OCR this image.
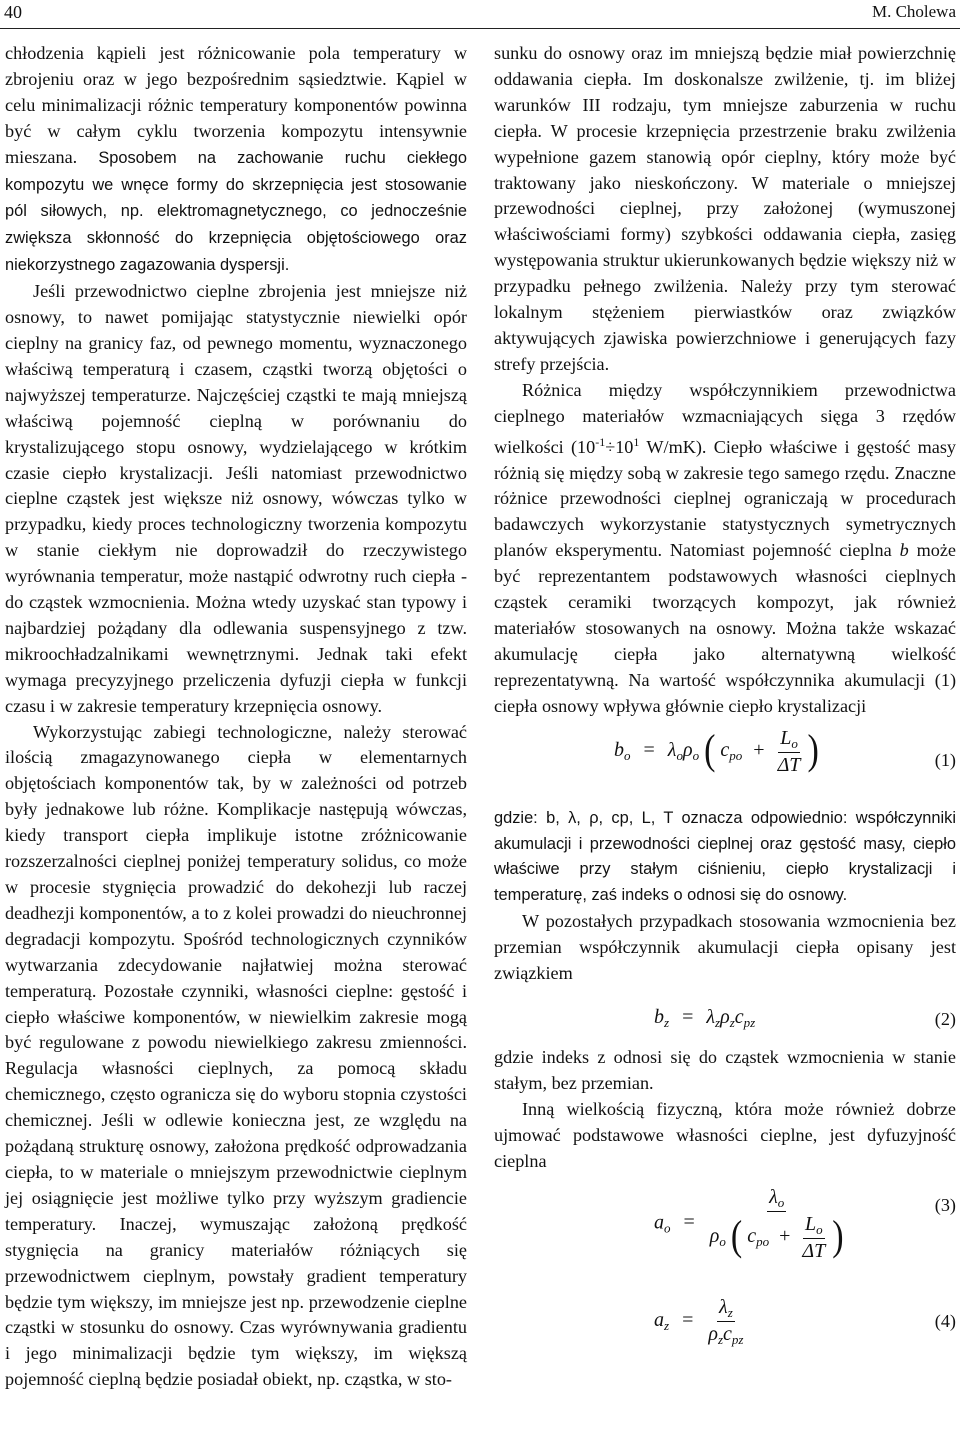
40	M. Cholewa

chłodzenia kąpieli jest różnicowanie pola temperatury w zbrojeniu oraz w jego bezpośrednim sąsiedztwie. Kąpiel w celu minimalizacji różnic temperatury komponentów powinna być w całym cyklu tworzenia kompozytu intensywnie mieszana. Sposobem na zachowanie ruchu ciekłego kompozytu we wnęce formy do skrzepnięcia jest stosowanie pól siłowych, np. elektromagnetycznego, co jednocześnie zwiększa skłonność do krzepnięcia objętościowego oraz niekorzystnego zagazowania dyspersji.

Jeśli przewodnictwo cieplne zbrojenia jest mniejsze niż osnowy, to nawet pomijając statystycznie niewielki opór cieplny na granicy faz, od pewnego momentu, wyznaczonego właściwą temperaturą i czasem, cząstki tworzą objętości o najwyższej temperaturze. Najczęściej cząstki te mają mniejszą właściwą pojemność cieplną w porównaniu do krystalizującego stopu osnowy, wydzielającego w krótkim czasie ciepło krystalizacji. Jeśli natomiast przewodnictwo cieplne cząstek jest większe niż osnowy, wówczas tylko w przypadku, kiedy proces technologiczny tworzenia kompozytu w stanie ciekłym nie doprowadził do rzeczywistego wyrównania temperatur, może nastąpić odwrotny ruch ciepła - do cząstek wzmocnienia. Można wtedy uzyskać stan typowy i najbardziej pożądany dla odlewania suspensyjnego z tzw. mikroochładzalnikami wewnętrznymi. Jednak taki efekt wymaga precyzyjnego przeliczenia dyfuzji ciepła w funkcji czasu i w zakresie temperatury krzepnięcia osnowy.

Wykorzystując zabiegi technologiczne, należy sterować ilością zmagazynowanego ciepła w elementarnych objętościach komponentów tak, by w zależności od potrzeb były jednakowe lub różne. Komplikacje następują wówczas, kiedy transport ciepła implikuje istotne zróżnicowanie rozszerzalności cieplnej poniżej temperatury solidus, co może w procesie stygnięcia prowadzić do dekohezji lub raczej deadhezji komponentów, a to z kolei prowadzi do nieuchronnej degradacji kompozytu. Spośród technologicznych czynników wytwarzania zdecydowanie najłatwiej można sterować temperaturą. Pozostałe czynniki, własności cieplne: gęstość i ciepło właściwe komponentów, w niewielkim zakresie mogą być regulowane z powodu niewielkiego zakresu zmienności. Regulacja własności cieplnych, za pomocą składu chemicznego, często ogranicza się do wyboru stopnia czystości chemicznej. Jeśli w odlewie konieczna jest, ze względu na pożądaną strukturę osnowy, założona prędkość odprowadzania ciepła, to w materiale o mniejszym przewodnictwie cieplnym jej osiągnięcie jest możliwe tylko przy wyższym gradiencie temperatury. Inaczej, wymuszając założoną prędkość stygnięcia na granicy materiałów różniących się przewodnictwem cieplnym, powstały gradient temperatury będzie tym większy, im mniejsze jest np. przewodzenie cieplne cząstki w stosunku do osnowy. Czas wyrównywania gradientu i jego minimalizacji będzie tym większy, im większą pojemność cieplną będzie posiadał obiekt, np. cząstka, w sto-

sunku do osnowy oraz im mniejszą będzie miał powierzchnię oddawania ciepła. Im doskonalsze zwilżenie, tj. im bliżej warunków III rodzaju, tym mniejsze zaburzenia w ruchu ciepła. W procesie krzepnięcia przestrzenie braku zwilżenia wypełnione gazem stanowią opór cieplny, który może być traktowany jako nieskończony. W materiale o mniejszej przewodności cieplnej, przy założonej (wymuszonej właściwościami formy) szybkości oddawania ciepła, zasięg występowania struktur ukierunkowanych będzie większy niż w przypadku pełnego zwilżenia. Należy przy tym sterować lokalnym stężeniem pierwiastków oraz związków aktywujących zjawiska powierzchniowe i generujących fazy strefy przejścia.

Różnica między współczynnikiem przewodnictwa cieplnego materiałów wzmacniających sięga 3 rzędów wielkości ($10^{-1}\div 10^1$ W/mK). Ciepło właściwe i gęstość masy różnią się między sobą w zakresie tego samego rzędu. Znaczne różnice przewodności cieplnej ograniczają w procedurach badawczych wykorzystanie statystycznych symetrycznych planów eksperymentu. Natomiast pojemność cieplna b może być reprezentantem podstawowych własności cieplnych cząstek ceramiki tworzących kompozyt, jak również materiałów stosowanych na osnowy. Można także wskazać akumulację ciepła jako alternatywną wielkość reprezentatywną. Na wartość współczynnika akumulacji (1) ciepła osnowy wpływa głównie ciepło krystalizacji

$b_o = \lambda_o\rho_o$ ( $c_{po} + \frac{L_o}{\Delta T}$ )	(1)

gdzie: b, λ, ρ, cp, L, T oznacza odpowiednio: współczynniki akumulacji i przewodności cieplnej oraz gęstość masy, ciepło właściwe przy stałym ciśnieniu, ciepło krystalizacji i temperaturę, zaś indeks o odnosi się do osnowy.

W pozostałych przypadkach stosowania wzmocnienia bez przemian współczynnik akumulacji ciepła opisany jest związkiem

$b_z = \lambda_z\rho_zc_{pz}$	(2)

gdzie indeks z odnosi się do cząstek wzmocnienia w stanie stałym, bez przemian.

Inną wielkością fizyczną, która może również dobrze ujmować podstawowe własności cieplne, jest dyfuzyjność cieplna

$a_o$ =
$\lambda_o$
$\rho_o$ ( $c_{po} + \frac{L_o}{\Delta T}$ )
(3)
$a_z = \frac{\lambda_z}{\rho_zc_{pz}}$	(4)
